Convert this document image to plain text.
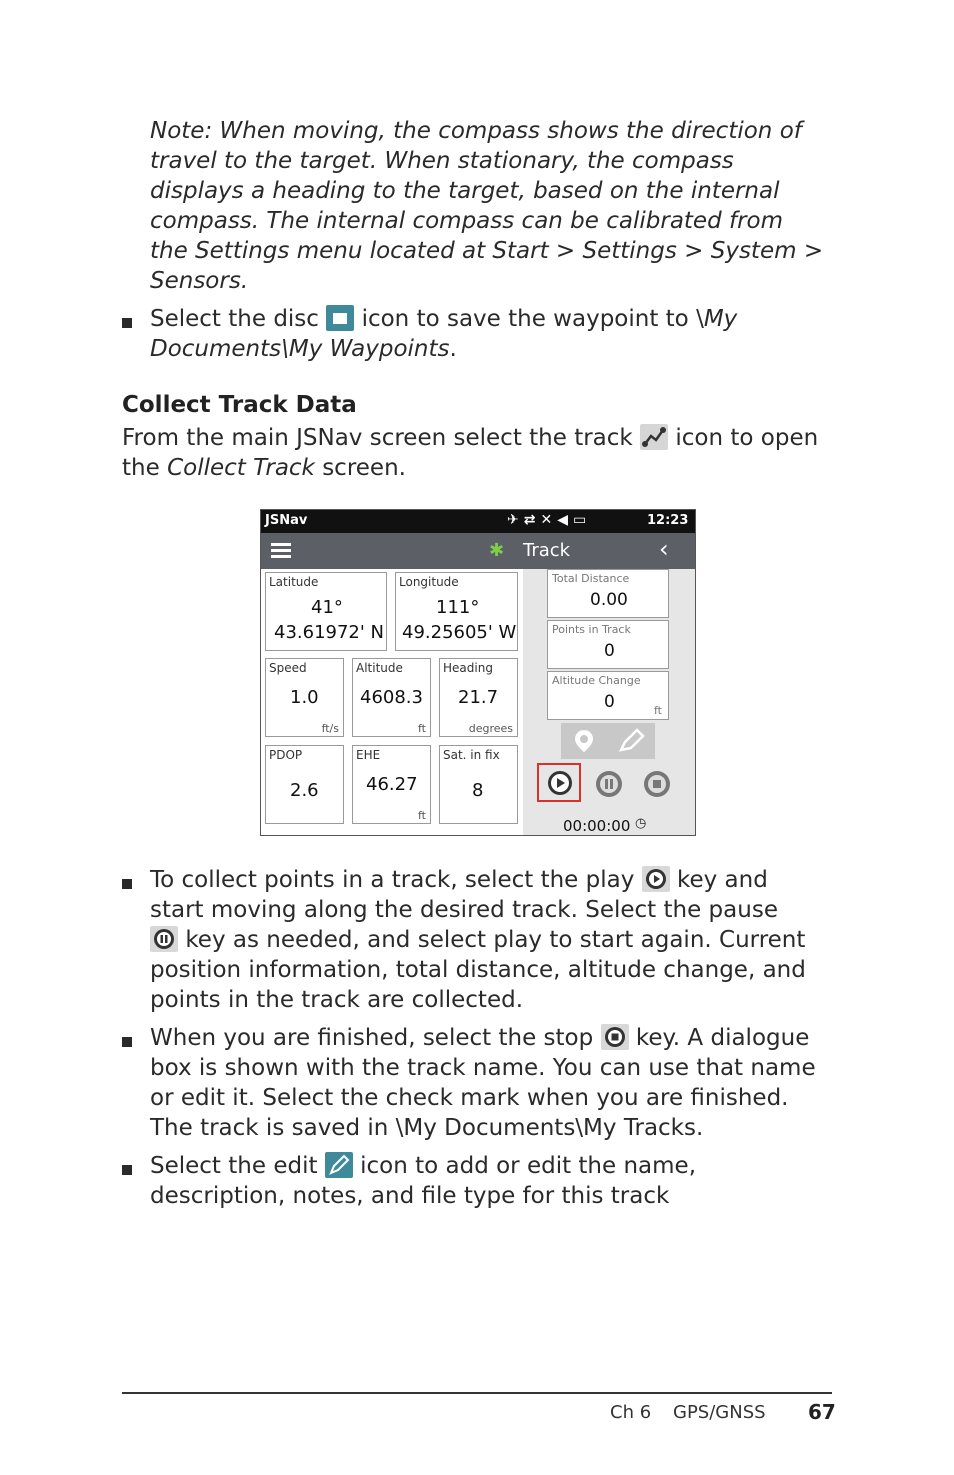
Note: When moving, the compass shows the direction of
travel to the target. When stationary, the compass
displays a heading to the target, based on the internal
compass. The internal compass can be calibrated from
the Settings menu located at Start > Settings > System >
Sensors.
Select the disc icon to save the waypoint to \My
Documents\My Waypoints.
Collect Track Data
From the main JSNav screen select the track icon to open
the Collect Track screen.
JSNav	✈⇄✕◀▭	12:23
✱ Track	‹
Latitude
41°
43.61972' N
Longitude
111°
49.25605' W
Speed
1.0
ft/s
Altitude
4608.3
ft
Heading
21.7
degrees
PDOP
2.6
EHE
46.27
ft
Sat. in fix
8
Total Distance
0.00
Points in Track
0
Altitude Change
0	ft
00:00:00 ◷
To collect points in a track, select the play key and
start moving along the desired track. Select the pause
key as needed, and select play to start again. Current
position information, total distance, altitude change, and
points in the track are collected.
When you are finished, select the stop key. A dialogue
box is shown with the track name. You can use that name
or edit it. Select the check mark when you are finished.
The track is saved in \My Documents\My Tracks.
Select the edit icon to add or edit the name,
description, notes, and file type for this track
Ch 6 GPS/GNSS 67
